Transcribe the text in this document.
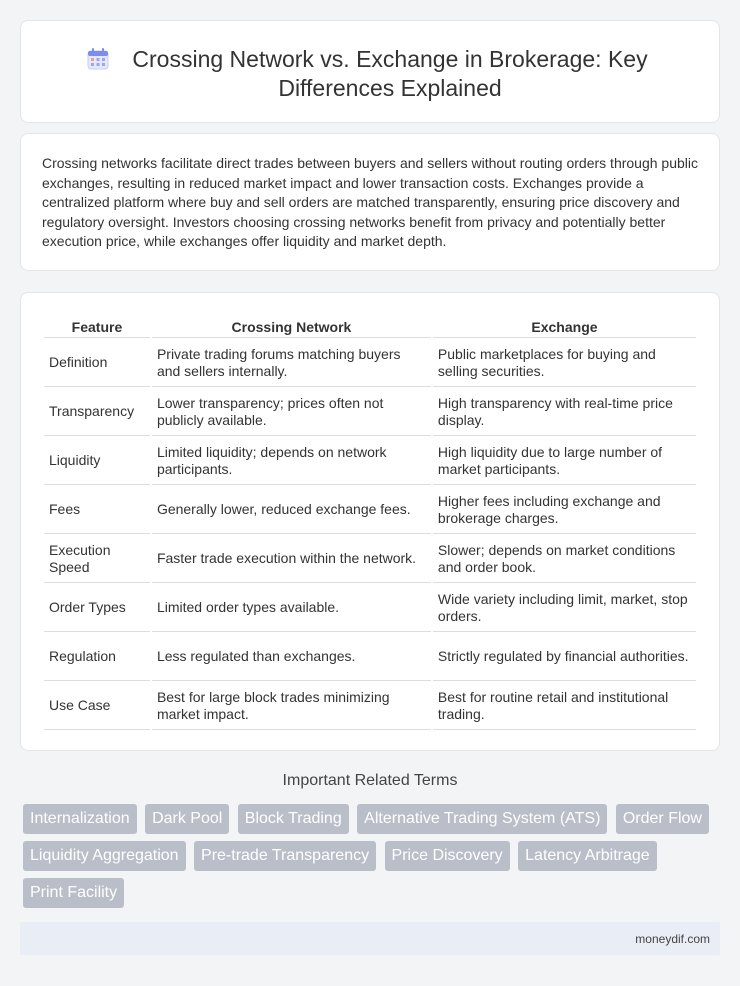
Crossing Network vs. Exchange in Brokerage: Key Differences Explained

Crossing networks facilitate direct trades between buyers and sellers without routing orders through public exchanges, resulting in reduced market impact and lower transaction costs. Exchanges provide a centralized platform where buy and sell orders are matched transparently, ensuring price discovery and regulatory oversight. Investors choosing crossing networks benefit from privacy and potentially better execution price, while exchanges offer liquidity and market depth.

Feature	Crossing Network	Exchange
Definition	Private trading forums matching buyers and sellers internally.	Public marketplaces for buying and selling securities.
Transparency	Lower transparency; prices often not publicly available.	High transparency with real-time price display.
Liquidity	Limited liquidity; depends on network participants.	High liquidity due to large number of market participants.
Fees	Generally lower, reduced exchange fees.	Higher fees including exchange and brokerage charges.
Execution Speed	Faster trade execution within the network.	Slower; depends on market conditions and order book.
Order Types	Limited order types available.	Wide variety including limit, market, stop orders.
Regulation	Less regulated than exchanges.	Strictly regulated by financial authorities.
Use Case	Best for large block trades minimizing market impact.	Best for routine retail and institutional trading.
Important Related Terms
Internalization Dark Pool Block Trading Alternative Trading System (ATS) Order Flow Liquidity Aggregation Pre-trade Transparency Price Discovery Latency Arbitrage Print Facility
moneydif.com
